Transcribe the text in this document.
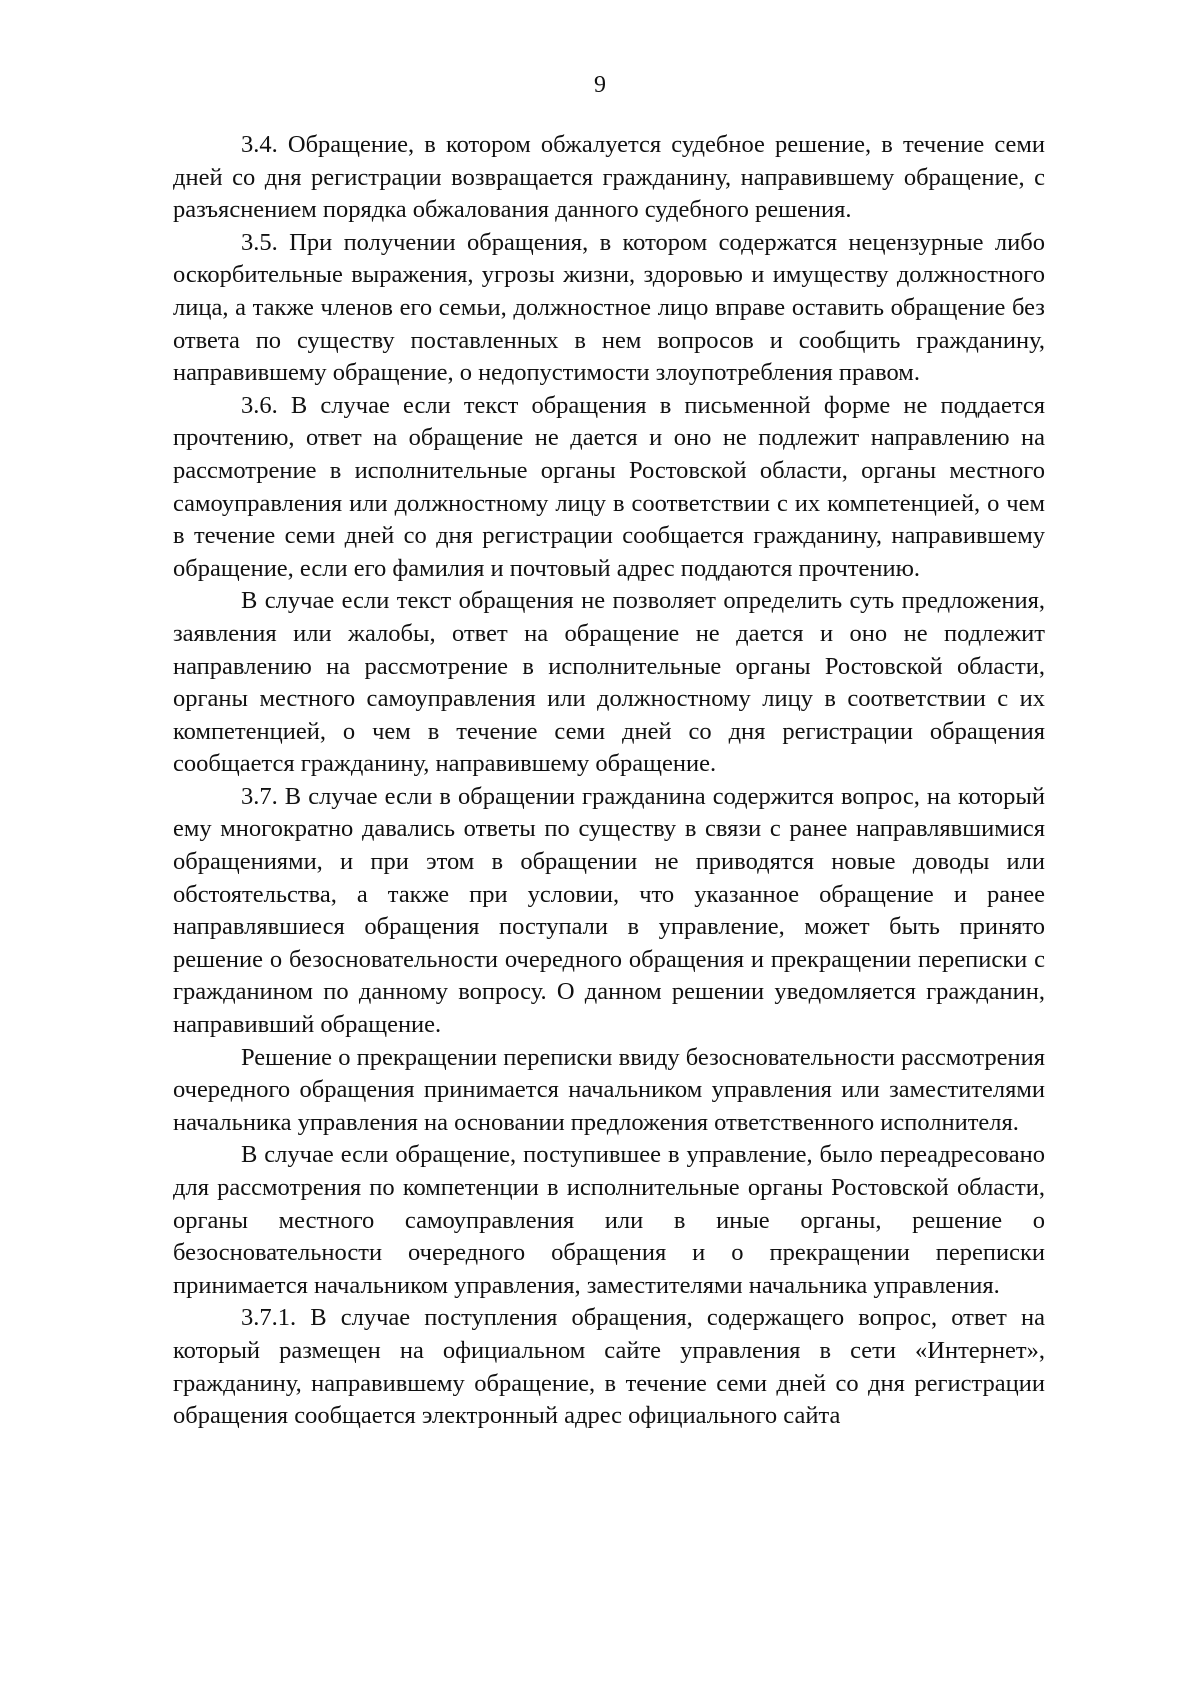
9

3.4. Обращение, в котором обжалуется судебное решение, в течение семи дней со дня регистрации возвращается гражданину, направившему обращение, с разъяснением порядка обжалования данного судебного решения.

3.5. При получении обращения, в котором содержатся нецензурные либо оскорбительные выражения, угрозы жизни, здоровью и имуществу должностного лица, а также членов его семьи, должностное лицо вправе оставить обращение без ответа по существу поставленных в нем вопросов и сообщить гражданину, направившему обращение, о недопустимости злоупотребления правом.

3.6. В случае если текст обращения в письменной форме не поддается прочтению, ответ на обращение не дается и оно не подлежит направлению на рассмотрение в исполнительные органы Ростовской области, органы местного самоуправления или должностному лицу в соответствии с их компетенцией, о чем в течение семи дней со дня регистрации сообщается гражданину, направившему обращение, если его фамилия и почтовый адрес поддаются прочтению.

В случае если текст обращения не позволяет определить суть предложения, заявления или жалобы, ответ на обращение не дается и оно не подлежит направлению на рассмотрение в исполнительные органы Ростовской области, органы местного самоуправления или должностному лицу в соответствии с их компетенцией, о чем в течение семи дней со дня регистрации обращения сообщается гражданину, направившему обращение.

3.7. В случае если в обращении гражданина содержится вопрос, на который ему многократно давались ответы по существу в связи с ранее направлявшимися обращениями, и при этом в обращении не приводятся новые доводы или обстоятельства, а также при условии, что указанное обращение и ранее направлявшиеся обращения поступали в управление, может быть принято решение о безосновательности очередного обращения и прекращении переписки с гражданином по данному вопросу. О данном решении уведомляется гражданин, направивший обращение.

Решение о прекращении переписки ввиду безосновательности рассмотрения очередного обращения принимается начальником управления или заместителями начальника управления на основании предложения ответственного исполнителя.

В случае если обращение, поступившее в управление, было переадресовано для рассмотрения по компетенции в исполнительные органы Ростовской области, органы местного самоуправления или в иные органы, решение о безосновательности очередного обращения и о прекращении переписки принимается начальником управления, заместителями начальника управления.

3.7.1. В случае поступления обращения, содержащего вопрос, ответ на который размещен на официальном сайте управления в сети «Интернет», гражданину, направившему обращение, в течение семи дней со дня регистрации обращения сообщается электронный адрес официального сайта
